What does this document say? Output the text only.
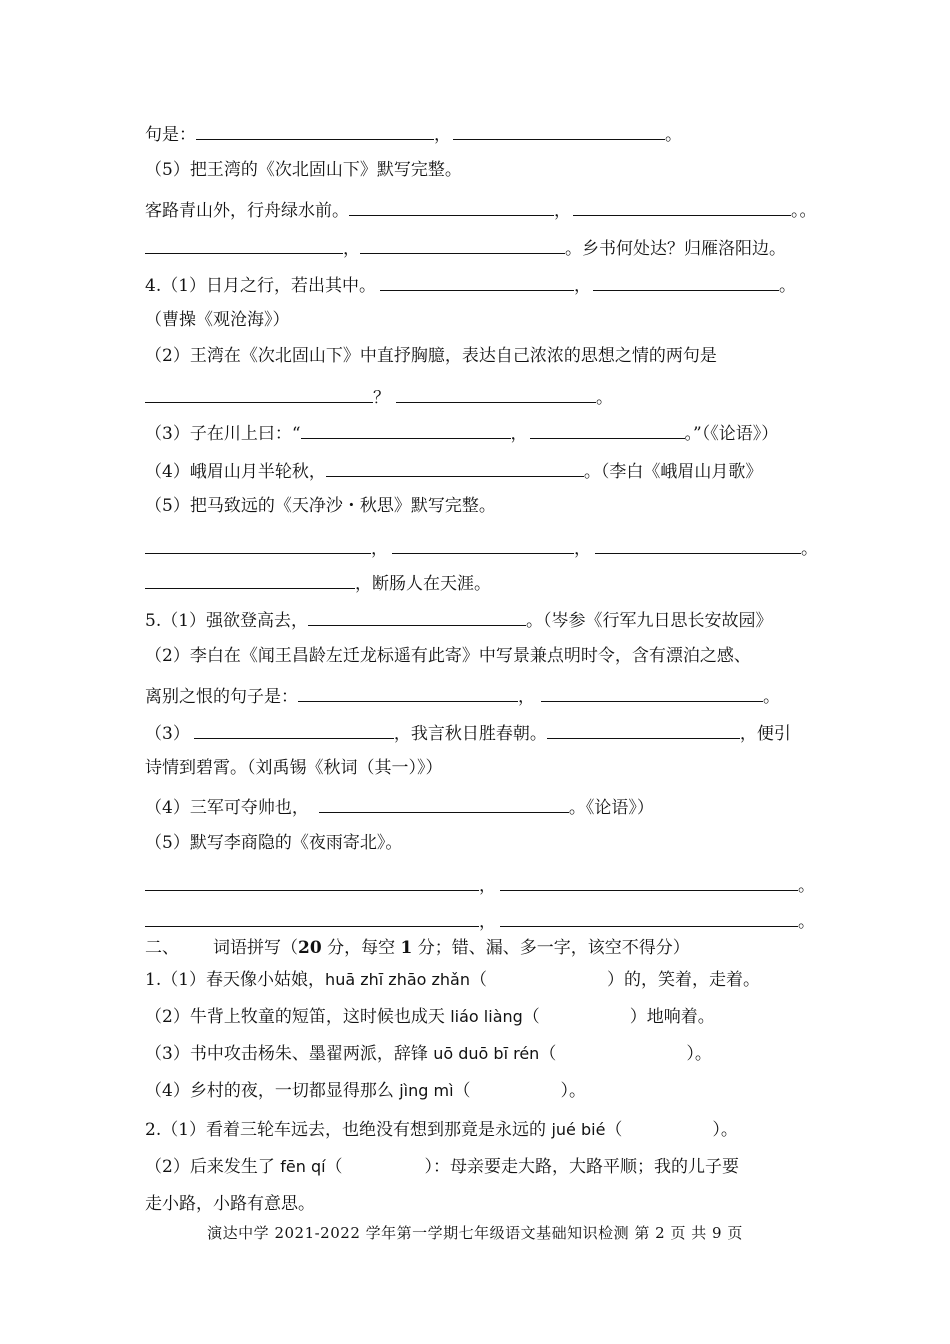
句是：	，	。
（5）把王湾的《次北固山下》默写完整。
客路青山外，行舟绿水前。	，	。。
，	。乡书何处达？归雁洛阳边。
4.（1）日月之行，若出其中。	，	。
（曹操《观沧海》）
（2）王湾在《次北固山下》中直抒胸臆，表达自己浓浓的思想之情的两句是
？	。
（3）子在川上曰：“	，	。”（《论语》）
（4）峨眉山月半轮秋，	。（李白《峨眉山月歌》
（5）把马致远的《天净沙・秋思》默写完整。
，	，	。
，断肠人在天涯。
5.（1）强欲登高去，	。（岑参《行军九日思长安故园》
（2）李白在《闻王昌龄左迁龙标遥有此寄》中写景兼点明时令，含有漂泊之感、
离别之恨的句子是：	，	。
（3）	，我言秋日胜春朝。	，便引
诗情到碧霄。（刘禹锡《秋词（其一）》）
（4）三军可夺帅也，	。《论语》）
（5）默写李商隐的《夜雨寄北》。
，	。
，	。
二、 词语拼写（20 分，每空 1 分；错、漏、多一字，该空不得分）
1.（1）春天像小姑娘，huā zhī zhāo zhǎn（	）的，笑着，走着。
（2）牛背上牧童的短笛，这时候也成天 liáo liàng（	）地响着。
（3）书中攻击杨朱、墨翟两派，辞锋 uō duō bī rén（	）。
（4）乡村的夜，一切都显得那么 jìng mì（	）。
2.（1）看着三轮车远去，也绝没有想到那竟是永远的 jué bié（	）。
（2）后来发生了 fēn qí（	）：母亲要走大路，大路平顺；我的儿子要
走小路，小路有意思。
演达中学 2021-2022 学年第一学期七年级语文基础知识检测 第 2 页 共 9 页
